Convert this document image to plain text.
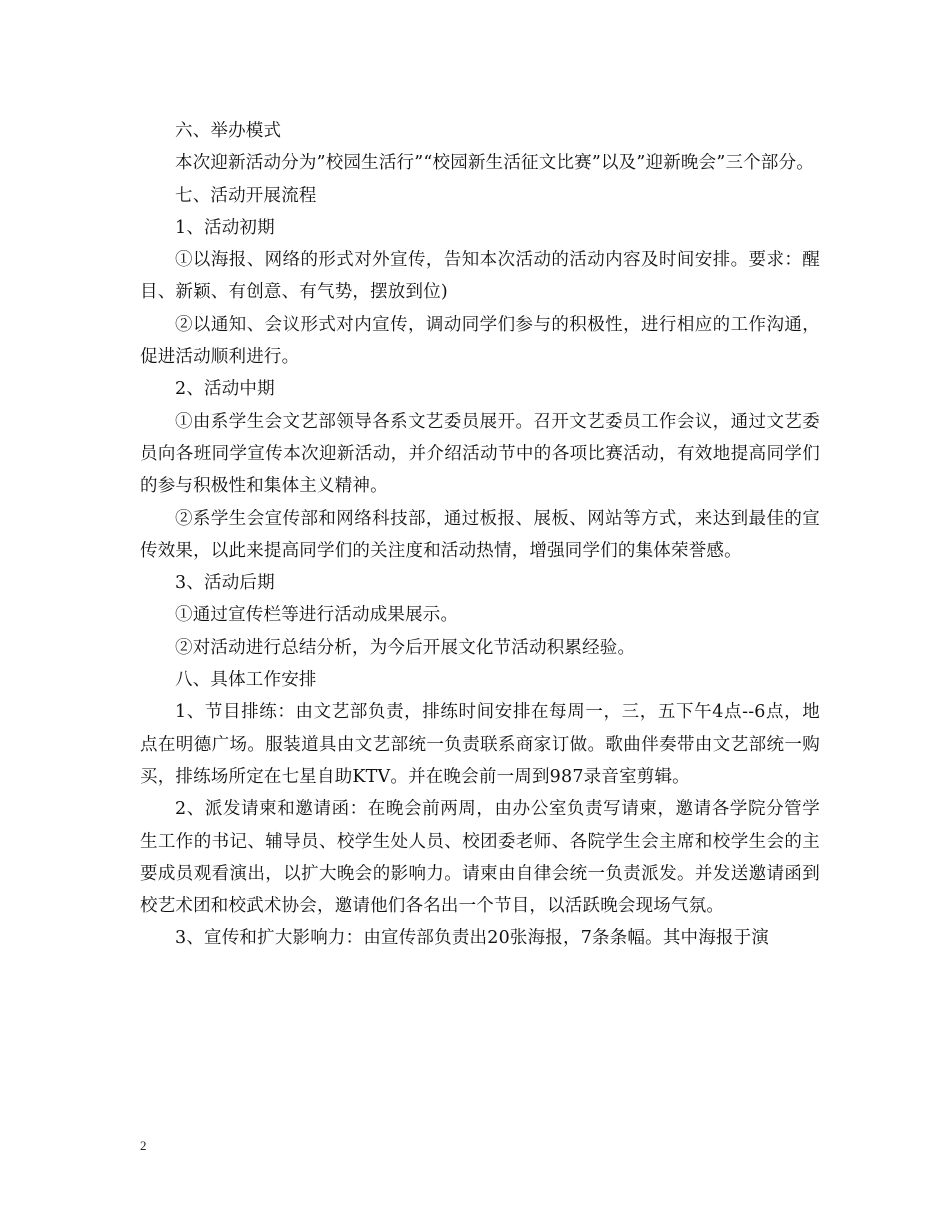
六、举办模式

本次迎新活动分为”校园生活行”“校园新生活征文比赛”以及”迎新晚会”三个部分。

七、活动开展流程

1、活动初期

①以海报、网络的形式对外宣传，告知本次活动的活动内容及时间安排。要求：醒目、新颖、有创意、有气势，摆放到位)

②以通知、会议形式对内宣传，调动同学们参与的积极性，进行相应的工作沟通，促进活动顺利进行。

2、活动中期

①由系学生会文艺部领导各系文艺委员展开。召开文艺委员工作会议，通过文艺委员向各班同学宣传本次迎新活动，并介绍活动节中的各项比赛活动，有效地提高同学们的参与积极性和集体主义精神。

②系学生会宣传部和网络科技部，通过板报、展板、网站等方式，来达到最佳的宣传效果，以此来提高同学们的关注度和活动热情，增强同学们的集体荣誉感。

3、活动后期

①通过宣传栏等进行活动成果展示。

②对活动进行总结分析，为今后开展文化节活动积累经验。

八、具体工作安排

1、节目排练：由文艺部负责，排练时间安排在每周一，三，五下午4点--6点，地点在明德广场。服装道具由文艺部统一负责联系商家订做。歌曲伴奏带由文艺部统一购买，排练场所定在七星自助KTV。并在晚会前一周到987录音室剪辑。

2、派发请柬和邀请函：在晚会前两周，由办公室负责写请柬，邀请各学院分管学生工作的书记、辅导员、校学生处人员、校团委老师、各院学生会主席和校学生会的主要成员观看演出，以扩大晚会的影响力。请柬由自律会统一负责派发。并发送邀请函到校艺术团和校武术协会，邀请他们各名出一个节目，以活跃晚会现场气氛。

3、宣传和扩大影响力：由宣传部负责出20张海报，7条条幅。其中海报于演

2
